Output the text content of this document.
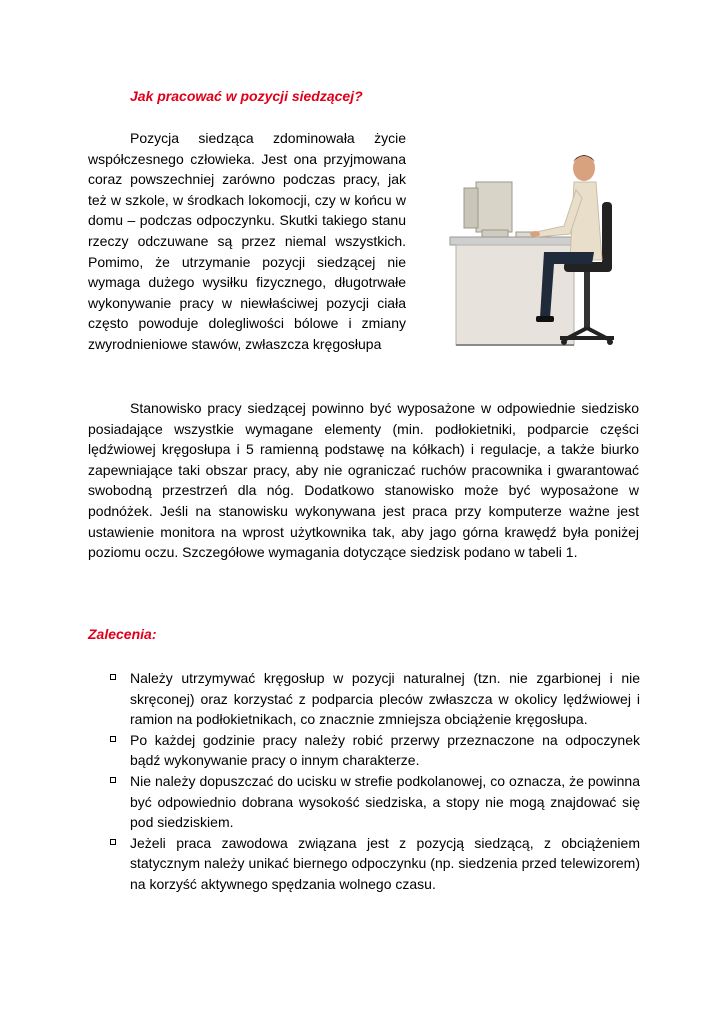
Jak pracować w pozycji siedzącej?

Pozycja siedząca zdominowała życie współczesnego człowieka. Jest ona przyjmowana coraz powszechniej zarówno podczas pracy, jak też w szkole, w środkach lokomocji, czy w końcu w domu – podczas odpoczynku. Skutki takiego stanu rzeczy odczuwane są przez niemal wszystkich. Pomimo, że utrzymanie pozycji siedzącej nie wymaga dużego wysiłku fizycznego, długotrwałe wykonywanie pracy w niewłaściwej pozycji ciała często powoduje dolegliwości bólowe i zmiany zwyrodnieniowe stawów, zwłaszcza kręgosłupa

Stanowisko pracy siedzącej powinno być wyposażone w odpowiednie siedzisko posiadające wszystkie wymagane elementy (min. podłokietniki, podparcie części lędźwiowej kręgosłupa i 5 ramienną podstawę na kółkach) i regulacje, a także biurko zapewniające taki obszar pracy, aby nie ograniczać ruchów pracownika i gwarantować swobodną przestrzeń dla nóg. Dodatkowo stanowisko może być wyposażone w podnóżek. Jeśli na stanowisku wykonywana jest praca przy komputerze ważne jest ustawienie monitora na wprost użytkownika tak, aby jago górna krawędź była poniżej poziomu oczu. Szczegółowe wymagania dotyczące siedzisk podano w tabeli 1.

Zalecenia:
Należy utrzymywać kręgosłup w pozycji naturalnej (tzn. nie zgarbionej i nie skręconej) oraz korzystać z podparcia pleców zwłaszcza w okolicy lędźwiowej i ramion na podłokietnikach, co znacznie zmniejsza obciążenie kręgosłupa.
Po każdej godzinie pracy należy robić przerwy przeznaczone na odpoczynek bądź wykonywanie pracy o innym charakterze.
Nie należy dopuszczać do ucisku w strefie podkolanowej, co oznacza, że powinna być odpowiednio dobrana wysokość siedziska, a stopy nie mogą znajdować się pod siedziskiem.
Jeżeli praca zawodowa związana jest z pozycją siedzącą, z obciążeniem statycznym należy unikać biernego odpoczynku (np. siedzenia przed telewizorem) na korzyść aktywnego spędzania wolnego czasu.
